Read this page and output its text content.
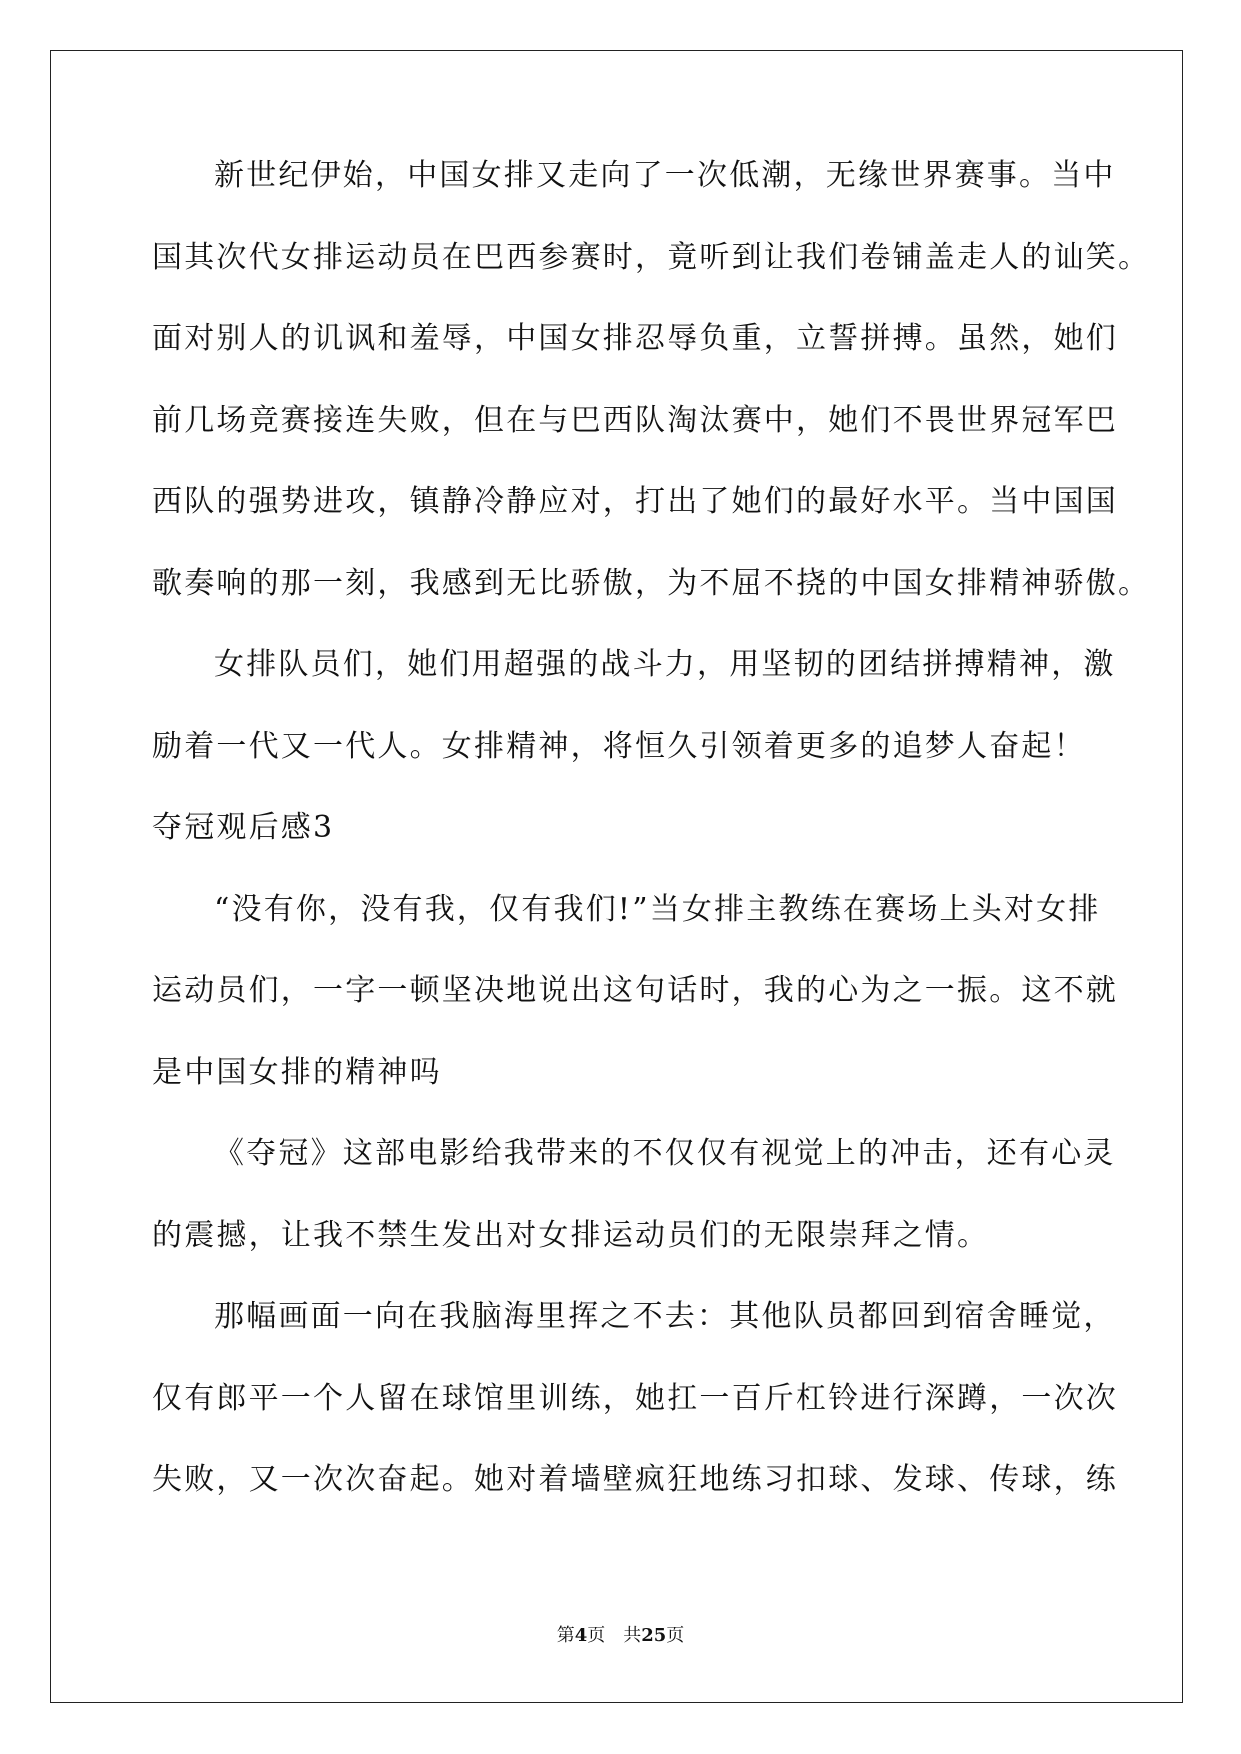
新世纪伊始，中国女排又走向了一次低潮，无缘世界赛事。当中
国其次代女排运动员在巴西参赛时，竟听到让我们卷铺盖走人的讪笑。
面对别人的讥讽和羞辱，中国女排忍辱负重，立誓拼搏。虽然，她们
前几场竞赛接连失败，但在与巴西队淘汰赛中，她们不畏世界冠军巴
西队的强势进攻，镇静冷静应对，打出了她们的最好水平。当中国国
歌奏响的那一刻，我感到无比骄傲，为不屈不挠的中国女排精神骄傲。
女排队员们，她们用超强的战斗力，用坚韧的团结拼搏精神，激
励着一代又一代人。女排精神，将恒久引领着更多的追梦人奋起！
夺冠观后感3
“没有你，没有我，仅有我们!”当女排主教练在赛场上头对女排
运动员们，一字一顿坚决地说出这句话时，我的心为之一振。这不就
是中国女排的精神吗
《夺冠》这部电影给我带来的不仅仅有视觉上的冲击，还有心灵
的震撼，让我不禁生发出对女排运动员们的无限崇拜之情。
那幅画面一向在我脑海里挥之不去：其他队员都回到宿舍睡觉，
仅有郎平一个人留在球馆里训练，她扛一百斤杠铃进行深蹲，一次次
失败，又一次次奋起。她对着墙壁疯狂地练习扣球、发球、传球，练
第4页 共25页
